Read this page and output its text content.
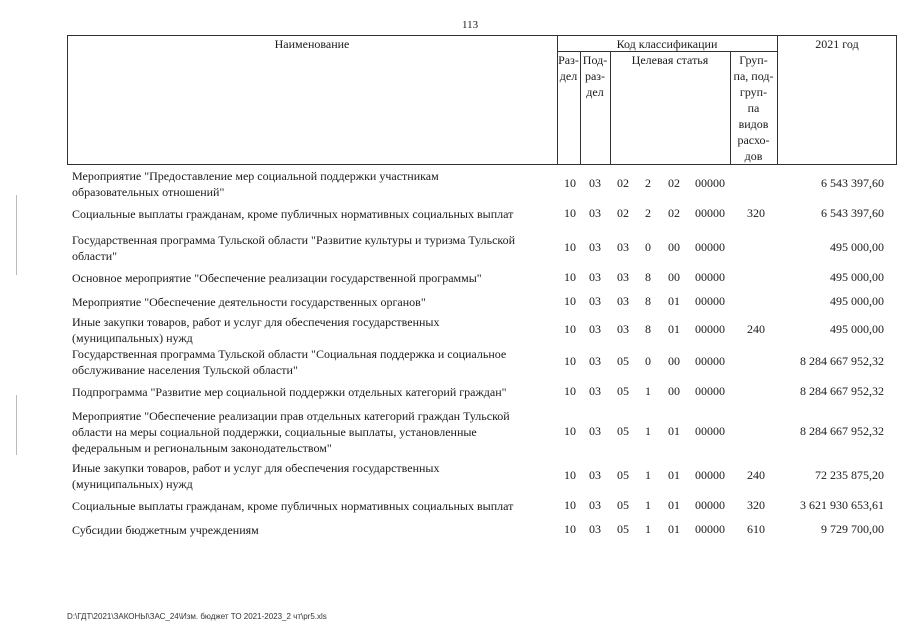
113
Наименование	Код классификации	2021 год
Раз-
дел
Под-
раз-
дел
Целевая статья	Груп-
па, под-
груп-
па
видов
расхо-
дов
Мероприятие "Предоставление мер социальной поддержки участникам
образовательных отношений"
10	03	02	2	02	00000	6 543 397,60
Социальные выплаты гражданам, кроме публичных нормативных социальных выплат	10	03	02	2	02	00000	320	6 543 397,60
Государственная программа Тульской области "Развитие культуры и туризма Тульской
области"
10	03	03	0	00	00000	495 000,00
Основное мероприятие "Обеспечение реализации государственной программы"	10	03	03	8	00	00000	495 000,00
Мероприятие "Обеспечение деятельности государственных органов"	10	03	03	8	01	00000	495 000,00
Иные закупки товаров, работ и услуг для обеспечения государственных
(муниципальных) нужд
10	03	03	8	01	00000	240	495 000,00
Государственная программа Тульской области "Социальная поддержка и социальное
обслуживание населения Тульской области"
10	03	05	0	00	00000	8 284 667 952,32
Подпрограмма "Развитие мер социальной поддержки отдельных категорий граждан"	10	03	05	1	00	00000	8 284 667 952,32
Мероприятие "Обеспечение реализации прав отдельных категорий граждан Тульской
области на меры социальной поддержки, социальные выплаты, установленные
федеральным и региональным законодательством"
10	03	05	1	01	00000	8 284 667 952,32
Иные закупки товаров, работ и услуг для обеспечения государственных
(муниципальных) нужд
10	03	05	1	01	00000	240	72 235 875,20
Социальные выплаты гражданам, кроме публичных нормативных социальных выплат	10	03	05	1	01	00000	320	3 621 930 653,61
Субсидии бюджетным учреждениям	10	03	05	1	01	00000	610	9 729 700,00
D:\ГДТ\2021\ЗАКОНЫ\ЗАС_24\Изм. бюджет ТО 2021-2023_2 чт\pr5.xls
